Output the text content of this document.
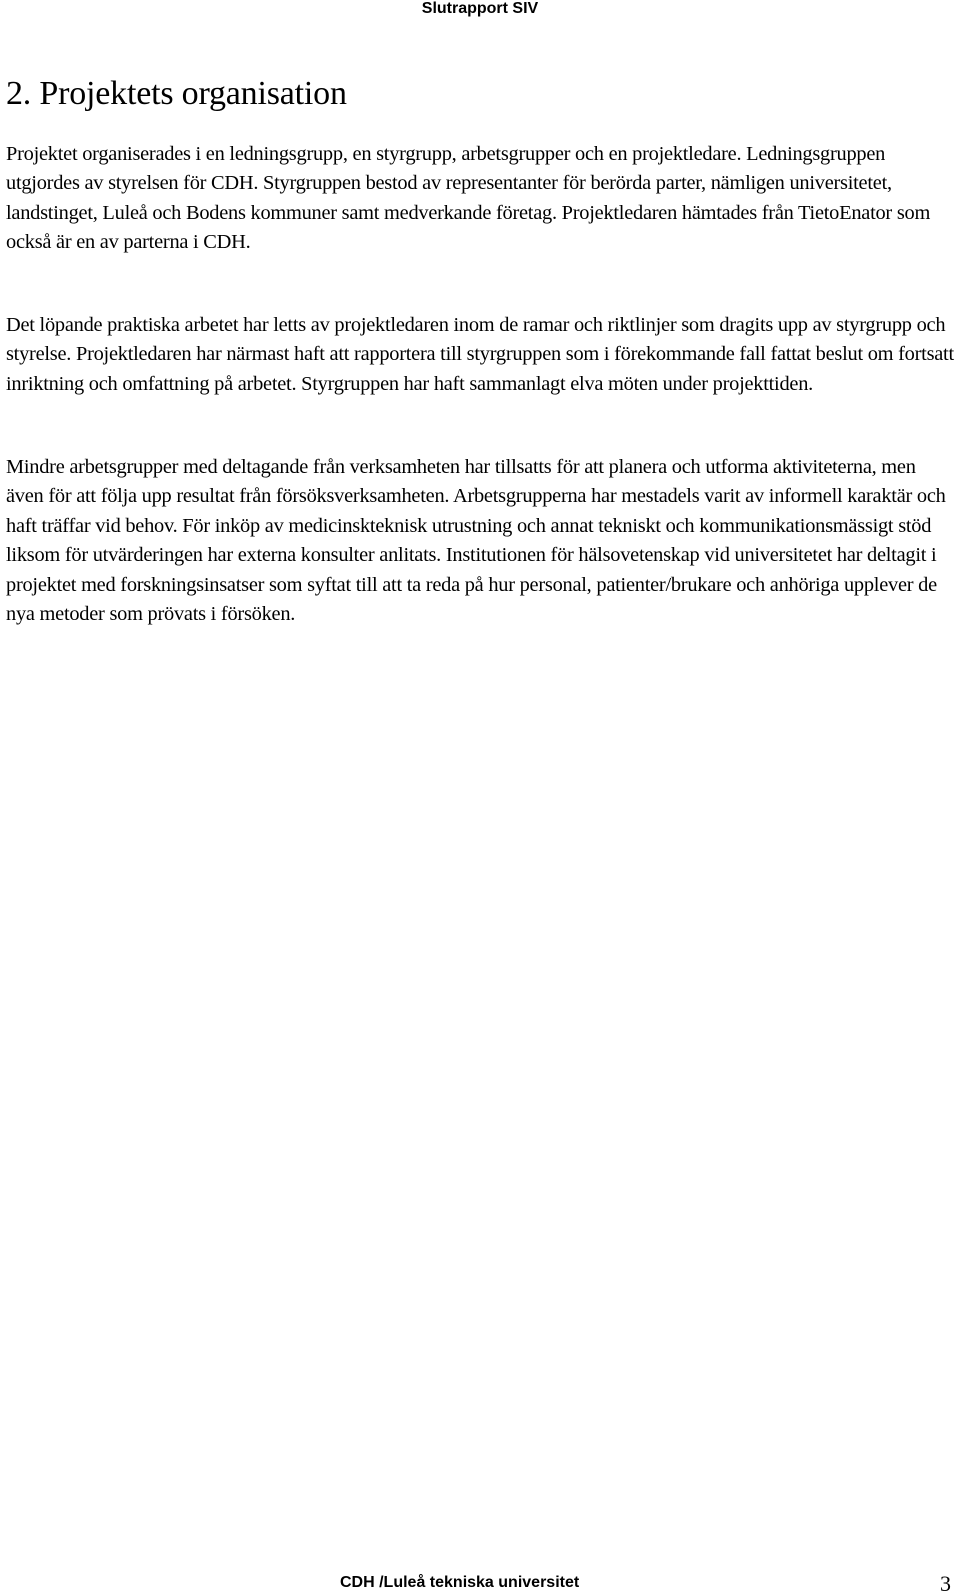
Slutrapport SIV
2. Projektets organisation

Projektet organiserades i en ledningsgrupp, en styrgrupp, arbetsgrupper och en projektledare. Ledningsgruppen utgjordes av styrelsen för CDH. Styrgruppen bestod av representanter för berörda parter, nämligen universitetet, landstinget, Luleå och Bodens kommuner samt medverkande företag. Projektledaren hämtades från TietoEnator som också är en av parterna i CDH.

Det löpande praktiska arbetet har letts av projektledaren inom de ramar och riktlinjer som dragits upp av styrgrupp och styrelse. Projektledaren har närmast haft att rapportera till styrgruppen som i förekommande fall fattat beslut om fortsatt inriktning och omfattning på arbetet. Styrgruppen har haft sammanlagt elva möten under projekttiden.

Mindre arbetsgrupper med deltagande från verksamheten har tillsatts för att planera och utforma aktiviteterna, men även för att följa upp resultat från försöksverksamheten. Arbetsgrupperna har mestadels varit av informell karaktär och haft träffar vid behov. För inköp av medicinskteknisk utrustning och annat tekniskt och kommunikationsmässigt stöd liksom för utvärderingen har externa konsulter anlitats. Institutionen för hälsovetenskap vid universitetet har deltagit i projektet med forskningsinsatser som syftat till att ta reda på hur personal, patienter/brukare och anhöriga upplever de nya metoder som prövats i försöken.

CDH /Luleå tekniska universitet	3
